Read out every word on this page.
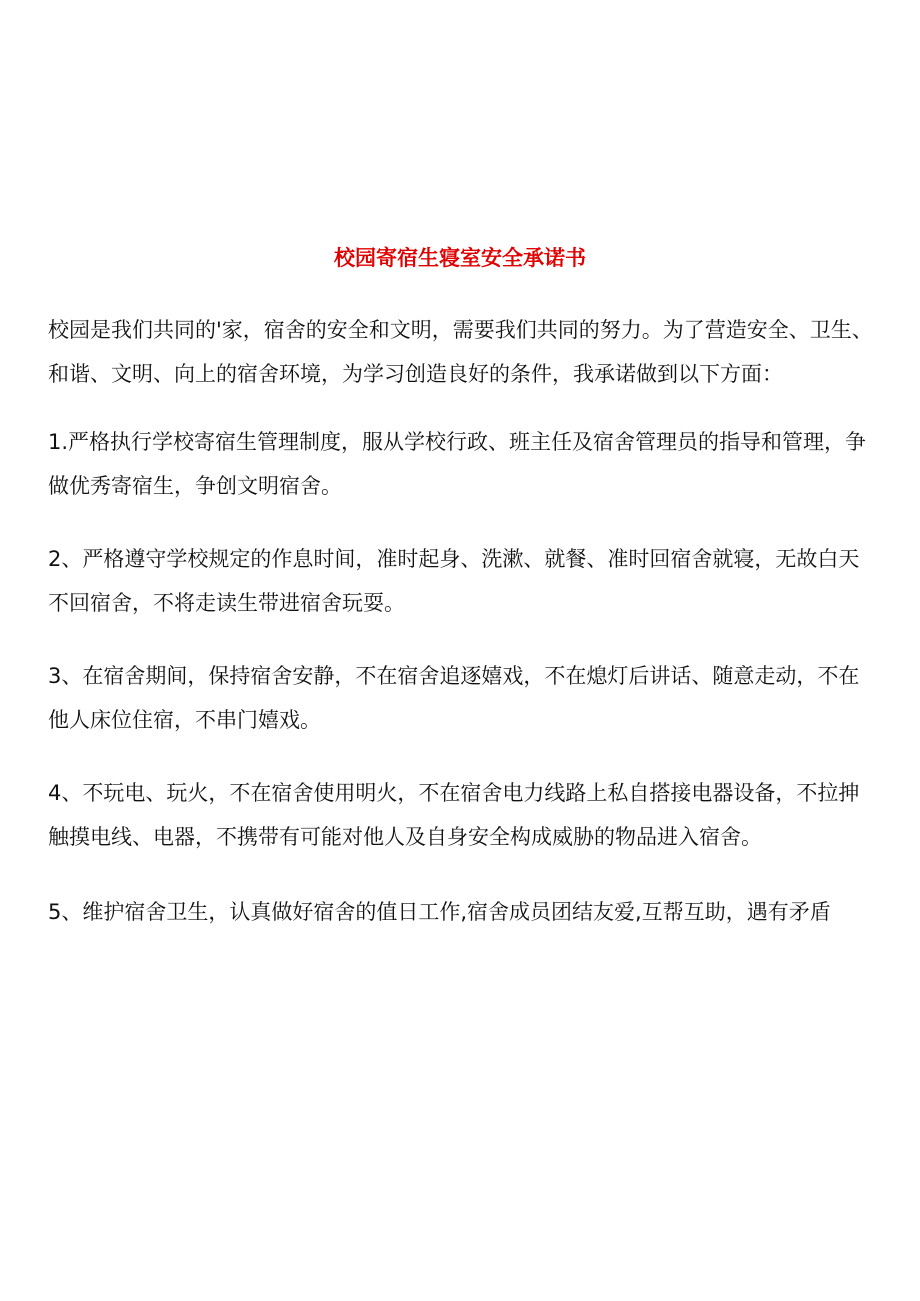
校园寄宿生寝室安全承诺书

校园是我们共同的'家，宿舍的安全和文明，需要我们共同的努力。为了营造安全、卫生、和谐、文明、向上的宿舍环境，为学习创造良好的条件，我承诺做到以下方面：

1.严格执行学校寄宿生管理制度，服从学校行政、班主任及宿舍管理员的指导和管理，争做优秀寄宿生，争创文明宿舍。

2、严格遵守学校规定的作息时间，准时起身、洗漱、就餐、准时回宿舍就寝，无故白天不回宿舍，不将走读生带进宿舍玩耍。

3、在宿舍期间，保持宿舍安静，不在宿舍追逐嬉戏，不在熄灯后讲话、随意走动，不在他人床位住宿，不串门嬉戏。

4、不玩电、玩火，不在宿舍使用明火，不在宿舍电力线路上私自搭接电器设备，不拉抻触摸电线、电器，不携带有可能对他人及自身安全构成威胁的物品进入宿舍。

5、维护宿舍卫生，认真做好宿舍的值日工作,宿舍成员团结友爱,互帮互助，遇有矛盾
